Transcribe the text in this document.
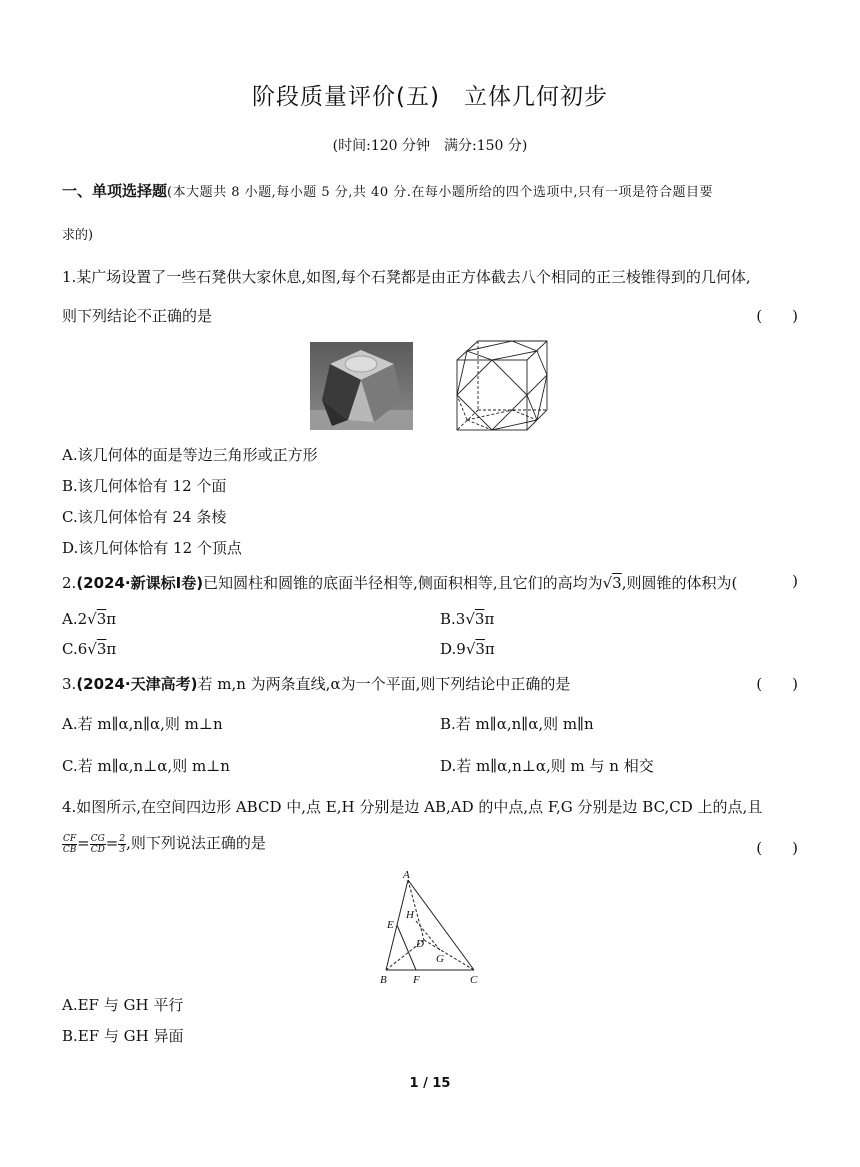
阶段质量评价(五)　立体几何初步
(时间:120 分钟　满分:150 分)
一、单项选择题(本大题共 8 小题,每小题 5 分,共 40 分.在每小题所给的四个选项中,只有一项是符合题目要
求的)
1.某广场设置了一些石凳供大家休息,如图,每个石凳都是由正方体截去八个相同的正三棱锥得到的几何体,
则下列结论不正确的是	(　　)
A.该几何体的面是等边三角形或正方形
B.该几何体恰有 12 个面
C.该几何体恰有 24 条棱
D.该几何体恰有 12 个顶点
2.(2024·新课标Ⅰ卷)已知圆柱和圆锥的底面半径相等,侧面积相等,且它们的高均为√3,则圆锥的体积为(	)
A.2√3π	B.3√3π
C.6√3π	D.9√3π
3.(2024·天津高考)若 m,n 为两条直线,α为一个平面,则下列结论中正确的是	(　　)
A.若 m∥α,n∥α,则 m⊥n	B.若 m∥α,n∥α,则 m∥n
C.若 m∥α,n⊥α,则 m⊥n	D.若 m∥α,n⊥α,则 m 与 n 相交
4.如图所示,在空间四边形 ABCD 中,点 E,H 分别是边 AB,AD 的中点,点 F,G 分别是边 BC,CD 上的点,且
$\frac{CF}{CB} = \frac{CG}{CD} = \frac{2}{3}$ ,则下列说法正确的是	(　　)
A
B	C
D
E
F
G
H
A.EF 与 GH 平行
B.EF 与 GH 异面
1 / 15
